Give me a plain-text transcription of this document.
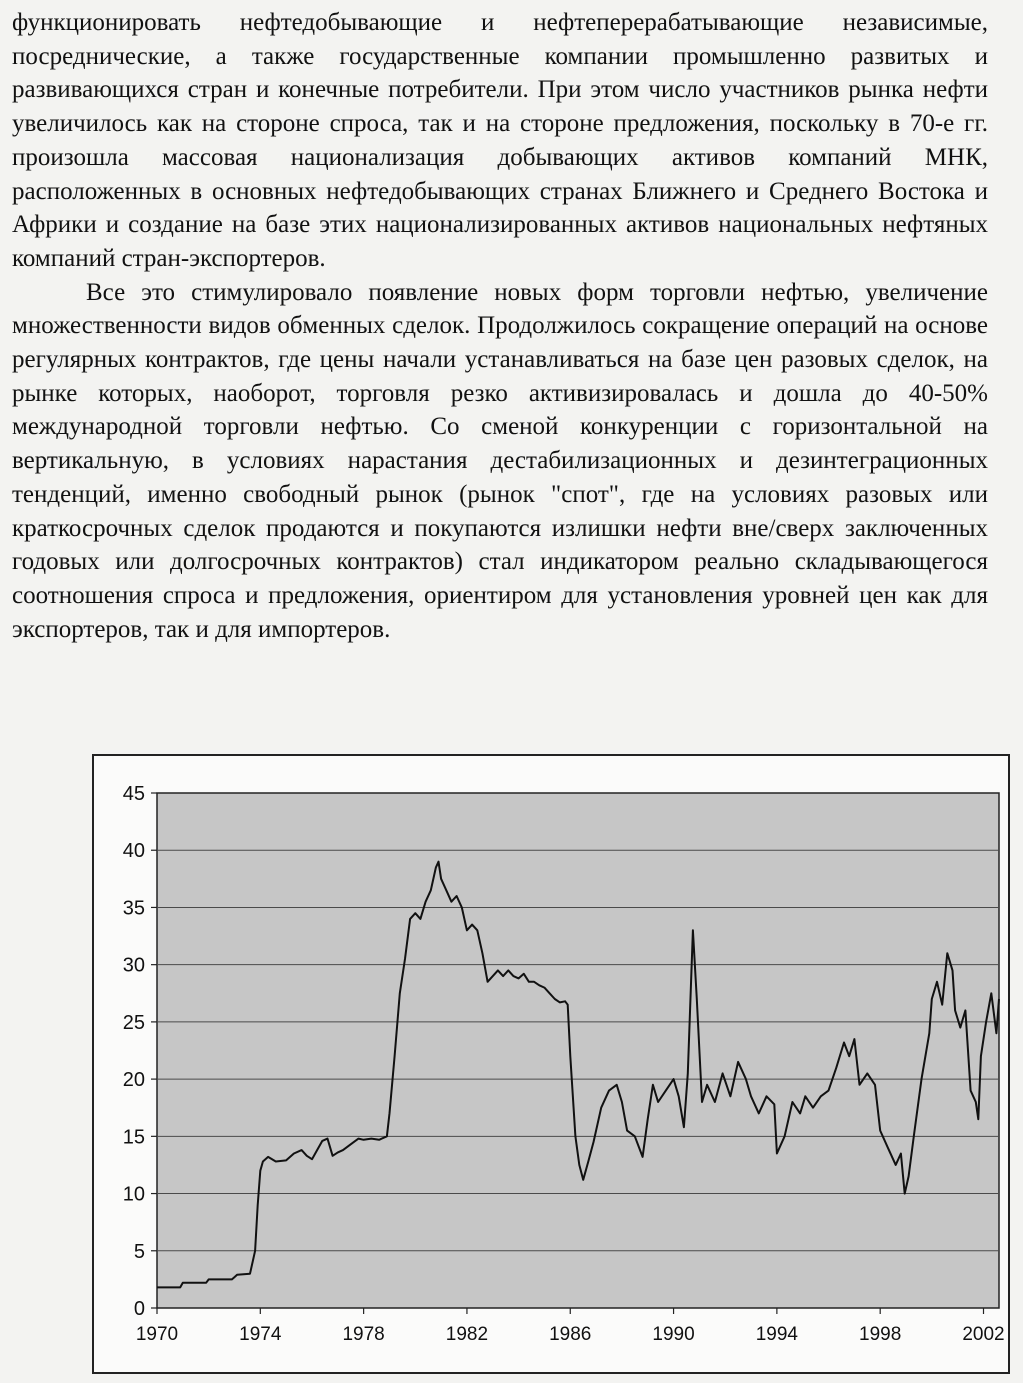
функционировать нефтедобывающие и нефтеперерабатывающие независимые, посреднические, а также государственные компании промышленно развитых и развивающихся стран и конечные потребители. При этом число участников рынка нефти увеличилось как на стороне спроса, так и на стороне предложения, поскольку в 70-е гг. произошла массовая национализация добывающих активов компаний МНК, расположенных в основных нефтедобывающих странах Ближнего и Среднего Востока и Африки и создание на базе этих национализированных активов национальных нефтяных компаний стран-экспортеров.

Все это стимулировало появление новых форм торговли нефтью, увеличение множественности видов обменных сделок. Продолжилось сокращение операций на основе регулярных контрактов, где цены начали устанавливаться на базе цен разовых сделок, на рынке которых, наоборот, торговля резко активизировалась и дошла до 40-50% международной торговли нефтью. Со сменой конкуренции с горизонтальной на вертикальную, в условиях нарастания дестабилизационных и дезинтеграционных тенденций, именно свободный рынок (рынок "спот", где на условиях разовых или краткосрочных сделок продаются и покупаются излишки нефти вне/сверх заключенных годовых или долгосрочных контрактов) стал индикатором реально складывающегося соотношения спроса и предложения, ориентиром для установления уровней цен как для экспортеров, так и для импортеров.

0
5
10
15
20
25
30
35
40
45
1970	1974	1978	1982	1986	1990	1994	1998	2002
